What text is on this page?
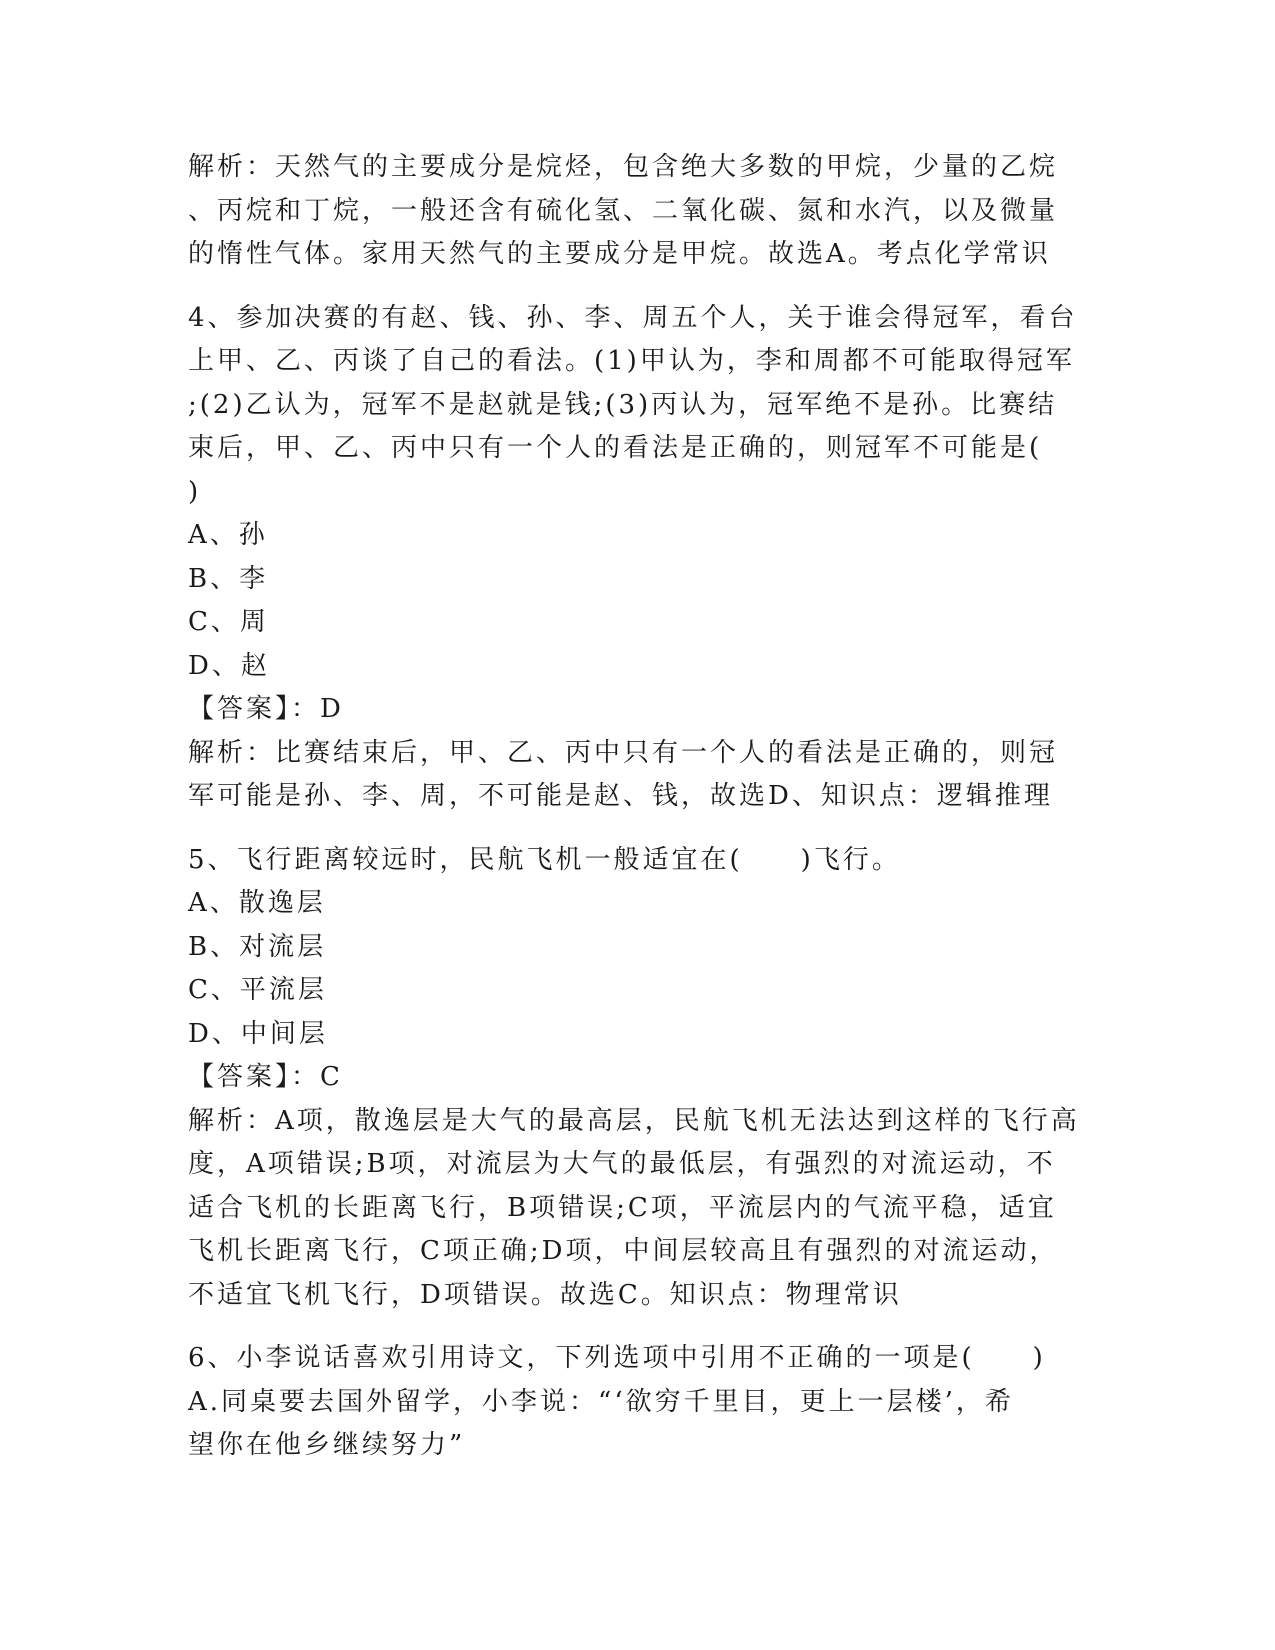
解析：天然气的主要成分是烷烃，包含绝大多数的甲烷，少量的乙烷
、丙烷和丁烷，一般还含有硫化氢、二氧化碳、氮和水汽，以及微量
的惰性气体。家用天然气的主要成分是甲烷。故选A。考点化学常识
4、参加决赛的有赵、钱、孙、李、周五个人，关于谁会得冠军，看台
上甲、乙、丙谈了自己的看法。(1)甲认为，李和周都不可能取得冠军
;(2)乙认为，冠军不是赵就是钱;(3)丙认为，冠军绝不是孙。比赛结
束后，甲、乙、丙中只有一个人的看法是正确的，则冠军不可能是(
)
A、孙
B、李
C、周
D、赵
【答案】：D
解析：比赛结束后，甲、乙、丙中只有一个人的看法是正确的，则冠
军可能是孙、李、周，不可能是赵、钱，故选D、知识点：逻辑推理
5、飞行距离较远时，民航飞机一般适宜在(　　)飞行。
A、散逸层
B、对流层
C、平流层
D、中间层
【答案】：C
解析：A项，散逸层是大气的最高层，民航飞机无法达到这样的飞行高
度，A项错误;B项，对流层为大气的最低层，有强烈的对流运动，不
适合飞机的长距离飞行，B项错误;C项，平流层内的气流平稳，适宜
飞机长距离飞行，C项正确;D项，中间层较高且有强烈的对流运动，
不适宜飞机飞行，D项错误。故选C。知识点：物理常识
6、小李说话喜欢引用诗文，下列选项中引用不正确的一项是(　　)
A.同桌要去国外留学，小李说：“‘欲穷千里目，更上一层楼’，希
望你在他乡继续努力”
